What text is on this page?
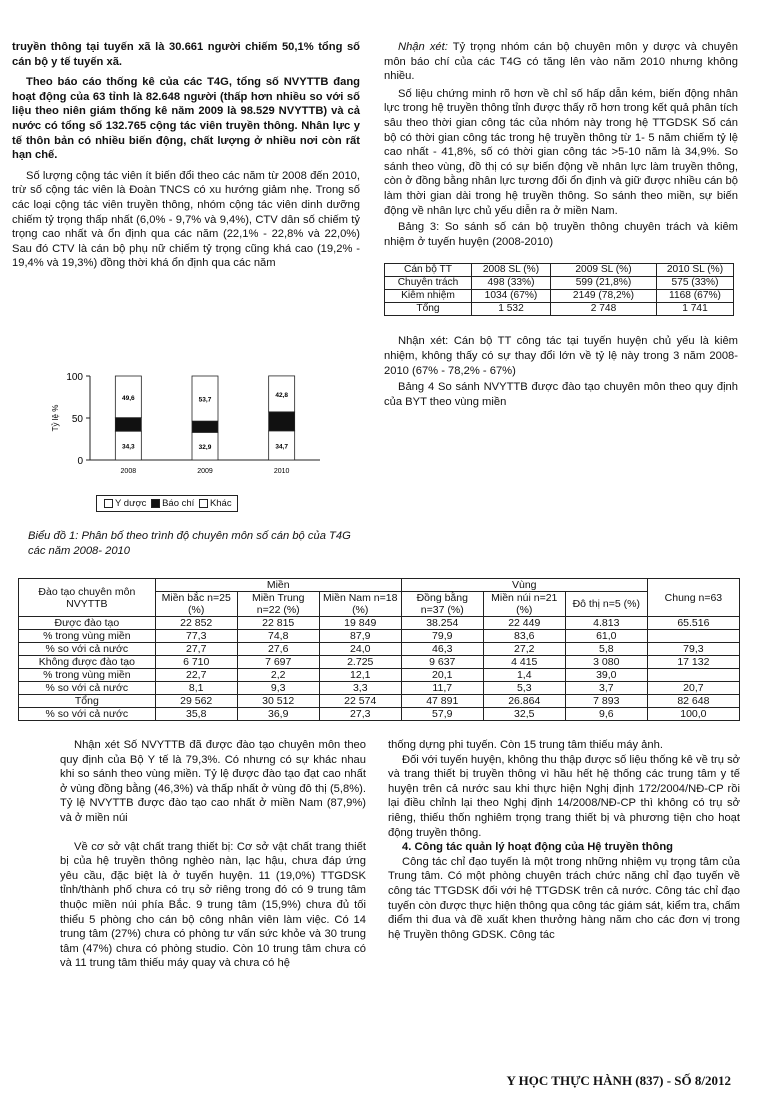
truyền thông tại tuyến xã là 30.661 người chiếm 50,1% tổng số cán bộ y tế tuyến xã.

Theo báo cáo thống kê của các T4G, tổng số NVYTTB đang hoạt động của 63 tỉnh là 82.648 người (thấp hơn nhiều so với số liệu theo niên giám thống kê năm 2009 là 98.529 NVYTTB) và cả nước có tổng số 132.765 cộng tác viên truyền thông. Nhân lực y tế thôn bản có nhiều biến động, chất lượng ở nhiều nơi còn rất hạn chế.

Số lượng cộng tác viên ít biến đổi theo các năm từ 2008 đến 2010, trừ số cộng tác viên là Đoàn TNCS có xu hướng giảm nhẹ. Trong số các loại cộng tác viên truyền thông, nhóm cộng tác viên dinh dưỡng chiếm tỷ trọng thấp nhất (6,0% - 9,7% và 9,4%), CTV dân số chiếm tỷ trọng cao nhất và ổn định qua các năm (22,1% - 22,8% và 22,0%) Sau đó CTV là cán bộ phụ nữ chiếm tỷ trọng cũng khá cao (19,2% - 19,4% và 19,3%) đồng thời khá ổn định qua các năm

0
50
100
Tỷ lệ %
34,3
49,6
2008
32,9
53,7
2009
34,7
42,8
2010
Y dược Báo chí Khác
Biểu đồ 1: Phân bố theo trình độ chuyên môn số cán bộ của T4G các năm 2008- 2010

Nhận xét: Tỷ trọng nhóm cán bộ chuyên môn y dược và chuyên môn báo chí của các T4G có tăng lên vào năm 2010 nhưng không nhiều.

Số liệu chứng minh rõ hơn về chỉ số hấp dẫn kém, biến động nhân lực trong hệ truyền thông tỉnh được thấy rõ hơn trong kết quả phân tích sâu theo thời gian công tác của nhóm này trong hệ TTGDSK Số cán bộ có thời gian công tác trong hệ truyền thông từ 1- 5 năm chiếm tỷ lệ cao nhất - 41,8%, số có thời gian công tác >5-10 năm là 34,9%. So sánh theo vùng, đồ thị có sự biến động về nhân lực làm truyền thông, còn ở đồng bằng nhân lực tương đối ổn định và giữ được nhiều cán bộ làm thời gian dài trong hệ truyền thông. So sánh theo miền, sự biến động về nhân lực chủ yếu diễn ra ở miền Nam.

Bảng 3: So sánh số cán bộ truyền thông chuyên trách và kiêm nhiệm ở tuyến huyện (2008-2010)

Cán bộ TT	2008 SL (%)	2009 SL (%)	2010 SL (%)
Chuyên trách	498 (33%)	599 (21,8%)	575 (33%)
Kiêm nhiệm	1034 (67%)	2149 (78,2%)	1168 (67%)
Tổng	1 532	2 748	1 741

Nhận xét: Cán bộ TT công tác tại tuyến huyện chủ yếu là kiêm nhiệm, không thấy có sự thay đổi lớn về tỷ lệ này trong 3 năm 2008-2010 (67% - 78,2% - 67%)

Bảng 4 So sánh NVYTTB được đào tạo chuyên môn theo quy định của BYT theo vùng miền

Đào tạo chuyên môn NVYTTB	Miền			Vùng			Chung n=63
	Miền bắc n=25 (%)	Miền Trung n=22 (%)	Miền Nam n=18 (%)	Đồng bằng n=37 (%)	Miền núi n=21 (%)	Đô thị n=5 (%)	
Được đào tạo	22 852	22 815	19 849	38.254	22 449	4.813	65.516
% trong vùng miền	77,3	74,8	87,9	79,9	83,6	61,0	
% so với cả nước	27,7	27,6	24,0	46,3	27,2	5,8	79,3
Không được đào tạo	6 710	7 697	2.725	9 637	4 415	3 080	17 132
% trong vùng miền	22,7	2,2	12,1	20,1	1,4	39,0	
% so với cả nước	8,1	9,3	3,3	11,7	5,3	3,7	20,7
Tổng	29 562	30 512	22 574	47 891	26.864	7 893	82 648
% so với cả nước	35,8	36,9	27,3	57,9	32,5	9,6	100,0

Nhận xét Số NVYTTB đã được đào tạo chuyên môn theo quy định của Bộ Y tế là 79,3%. Có nhưng có sự khác nhau khi so sánh theo vùng miền. Tỷ lệ được đào tạo đạt cao nhất ở vùng đồng bằng (46,3%) và thấp nhất ở vùng đô thị (5,8%). Tỷ lệ NVYTTB được đào tạo cao nhất ở miền Nam (87,9%) và ở miền núi

Về cơ sở vật chất trang thiết bị: Cơ sở vật chất trang thiết bị của hệ truyền thông nghèo nàn, lạc hậu, chưa đáp ứng yêu cầu, đặc biệt là ở tuyến huyện. 11 (19,0%) TTGDSK tỉnh/thành phố chưa có trụ sở riêng trong đó có 9 trung tâm thuộc miền núi phía Bắc. 9 trung tâm (15,9%) chưa đủ tối thiểu 5 phòng cho cán bộ công nhân viên làm việc. Có 14 trung tâm (27%) chưa có phòng tư vấn sức khỏe và 30 trung tâm (47%) chưa có phòng studio. Còn 10 trung tâm chưa có và 11 trung tâm thiếu máy quay và chưa có hệ

thống dựng phi tuyến. Còn 15 trung tâm thiếu máy ảnh.

Đối với tuyến huyện, không thu thập được số liệu thống kê về trụ sở và trang thiết bị truyền thông vì hầu hết hệ thống các trung tâm y tế huyện trên cả nước sau khi thực hiện Nghị định 172/2004/NĐ-CP rồi lại điều chỉnh lại theo Nghị định 14/2008/NĐ-CP thì không có trụ sở riêng, thiếu thốn nghiêm trọng trang thiết bị và phương tiện cho hoạt động truyền thông.

4. Công tác quản lý hoạt động của Hệ truyền thông

Công tác chỉ đạo tuyến là một trong những nhiệm vụ trọng tâm của Trung tâm. Có một phòng chuyên trách chức năng chỉ đạo tuyến về công tác TTGDSK đối với hệ TTGDSK trên cả nước. Công tác chỉ đạo tuyến còn được thực hiện thông qua công tác giám sát, kiểm tra, chấm điểm thi đua và đề xuất khen thưởng hàng năm cho các đơn vị trong hệ Truyền thông GDSK. Công tác

Y HỌC THỰC HÀNH (837) - SỐ 8/2012
